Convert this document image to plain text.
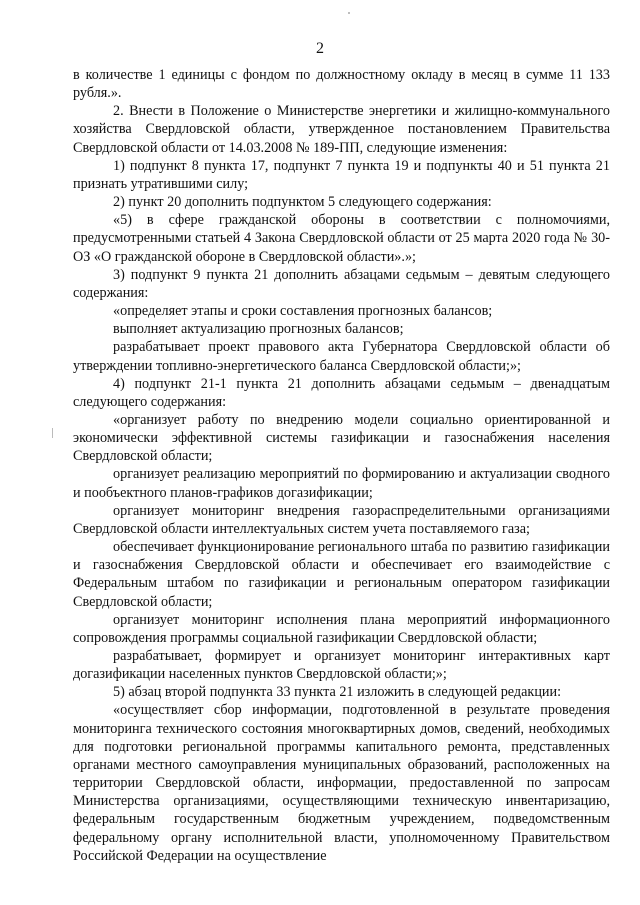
2

в количестве 1 единицы с фондом по должностному окладу в месяц в сумме 11 133 рубля.».

2. Внести в Положение о Министерстве энергетики и жилищно-коммунального хозяйства Свердловской области, утвержденное постановлением Правительства Свердловской области от 14.03.2008 № 189-ПП, следующие изменения:

1) подпункт 8 пункта 17, подпункт 7 пункта 19 и подпункты 40 и 51 пункта 21 признать утратившими силу;

2) пункт 20 дополнить подпунктом 5 следующего содержания:

«5) в сфере гражданской обороны в соответствии с полномочиями, предусмотренными статьей 4 Закона Свердловской области от 25 марта 2020 года № 30-ОЗ «О гражданской обороне в Свердловской области».»;

3) подпункт 9 пункта 21 дополнить абзацами седьмым – девятым следующего содержания:

«определяет этапы и сроки составления прогнозных балансов;

выполняет актуализацию прогнозных балансов;

разрабатывает проект правового акта Губернатора Свердловской области об утверждении топливно-энергетического баланса Свердловской области;»;

4) подпункт 21-1 пункта 21 дополнить абзацами седьмым – двенадцатым следующего содержания:

«организует работу по внедрению модели социально ориентированной и экономически эффективной системы газификации и газоснабжения населения Свердловской области;

организует реализацию мероприятий по формированию и актуализации сводного и пообъектного планов-графиков догазификации;

организует мониторинг внедрения газораспределительными организациями Свердловской области интеллектуальных систем учета поставляемого газа;

обеспечивает функционирование регионального штаба по развитию газификации и газоснабжения Свердловской области и обеспечивает его взаимодействие с Федеральным штабом по газификации и региональным оператором газификации Свердловской области;

организует мониторинг исполнения плана мероприятий информационного сопровождения программы социальной газификации Свердловской области;

разрабатывает, формирует и организует мониторинг интерактивных карт догазификации населенных пунктов Свердловской области;»;

5) абзац второй подпункта 33 пункта 21 изложить в следующей редакции:

«осуществляет сбор информации, подготовленной в результате проведения мониторинга технического состояния многоквартирных домов, сведений, необходимых для подготовки региональной программы капитального ремонта, представленных органами местного самоуправления муниципальных образований, расположенных на территории Свердловской области, информации, предоставленной по запросам Министерства организациями, осуществляющими техническую инвентаризацию, федеральным государственным бюджетным учреждением, подведомственным федеральному органу исполнительной власти, уполномоченному Правительством Российской Федерации на осуществление
